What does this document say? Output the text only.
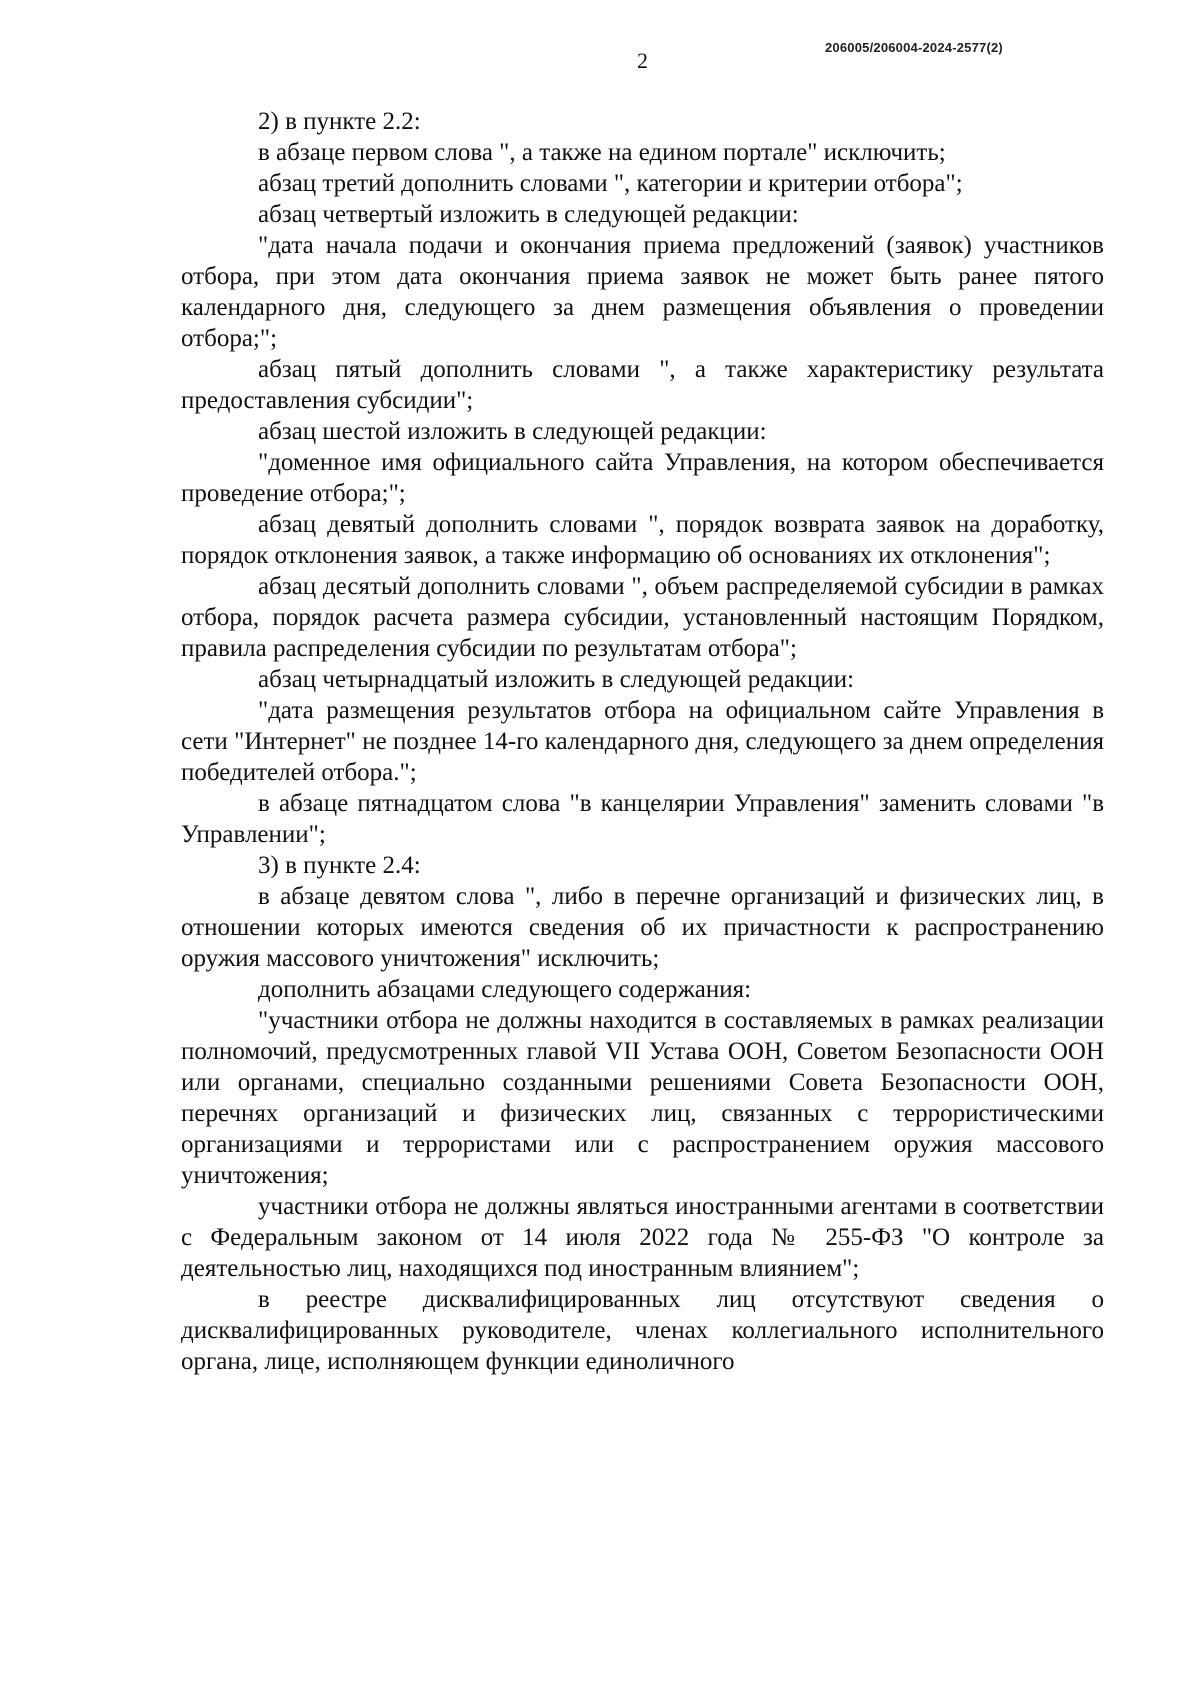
206005/206004-2024-2577(2)
2

2) в пункте 2.2:

в абзаце первом слова ", а также на едином портале" исключить;

абзац третий дополнить словами ", категории и критерии отбора";

абзац четвертый изложить в следующей редакции:

"дата начала подачи и окончания приема предложений (заявок) участников отбора, при этом дата окончания приема заявок не может быть ранее пятого календарного дня, следующего за днем размещения объявления о проведении отбора;";

абзац пятый дополнить словами ", а также характеристику результата предоставления субсидии";

абзац шестой изложить в следующей редакции:

"доменное имя официального сайта Управления, на котором обеспечивается проведение отбора;";

абзац девятый дополнить словами ", порядок возврата заявок на доработку, порядок отклонения заявок, а также информацию об основаниях их отклонения";

абзац десятый дополнить словами ", объем распределяемой субсидии в рамках отбора, порядок расчета размера субсидии, установленный настоящим Порядком, правила распределения субсидии по результатам отбора";

абзац четырнадцатый изложить в следующей редакции:

"дата размещения результатов отбора на официальном сайте Управления в сети "Интернет" не позднее 14-го календарного дня, следующего за днем определения победителей отбора.";

в абзаце пятнадцатом слова "в канцелярии Управления" заменить словами "в Управлении";

3) в пункте 2.4:

в абзаце девятом слова ", либо в перечне организаций и физических лиц, в отношении которых имеются сведения об их причастности к распространению оружия массового уничтожения" исключить;

дополнить абзацами следующего содержания:

"участники отбора не должны находится в составляемых в рамках реализации полномочий, предусмотренных главой VII Устава ООН, Советом Безопасности ООН или органами, специально созданными решениями Совета Безопасности ООН, перечнях организаций и физических лиц, связанных с террористическими организациями и террористами или с распространением оружия массового уничтожения;

участники отбора не должны являться иностранными агентами в соответствии с Федеральным законом от 14 июля 2022 года № 255-ФЗ "О контроле за деятельностью лиц, находящихся под иностранным влиянием";

в реестре дисквалифицированных лиц отсутствуют сведения о дисквалифицированных руководителе, членах коллегиального исполнительного органа, лице, исполняющем функции единоличного
